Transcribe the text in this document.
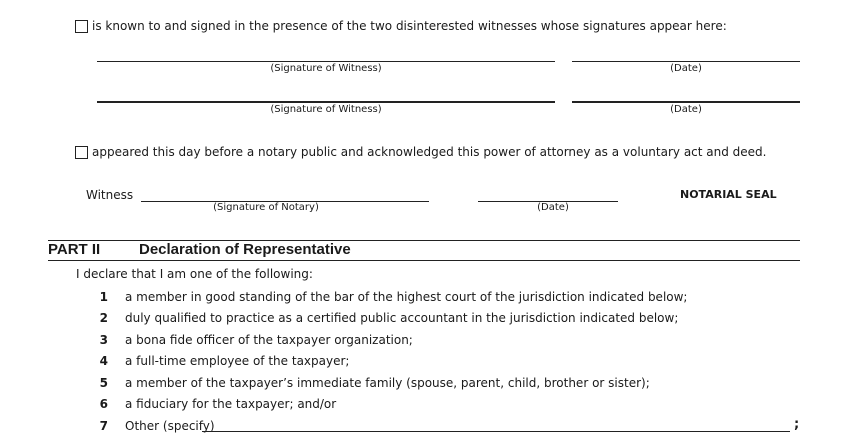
is known to and signed in the presence of the two disinterested witnesses whose signatures appear here:
(Signature of Witness)	(Date)
(Signature of Witness)	(Date)
appeared this day before a notary public and acknowledged this power of attorney as a voluntary act and deed.
Witness
(Signature of Notary)	(Date)
NOTARIAL SEAL
PART II	Declaration of Representative
I declare that I am one of the following:
1 a member in good standing of the bar of the highest court of the jurisdiction indicated below;
2 duly qualified to practice as a certified public accountant in the jurisdiction indicated below;
3 a bona fide officer of the taxpayer organization;
4 a full-time employee of the taxpayer;
5 a member of the taxpayer’s immediate family (spouse, parent, child, brother or sister);
6 a fiduciary for the taxpayer; and/or
7 Other (specify)	;
